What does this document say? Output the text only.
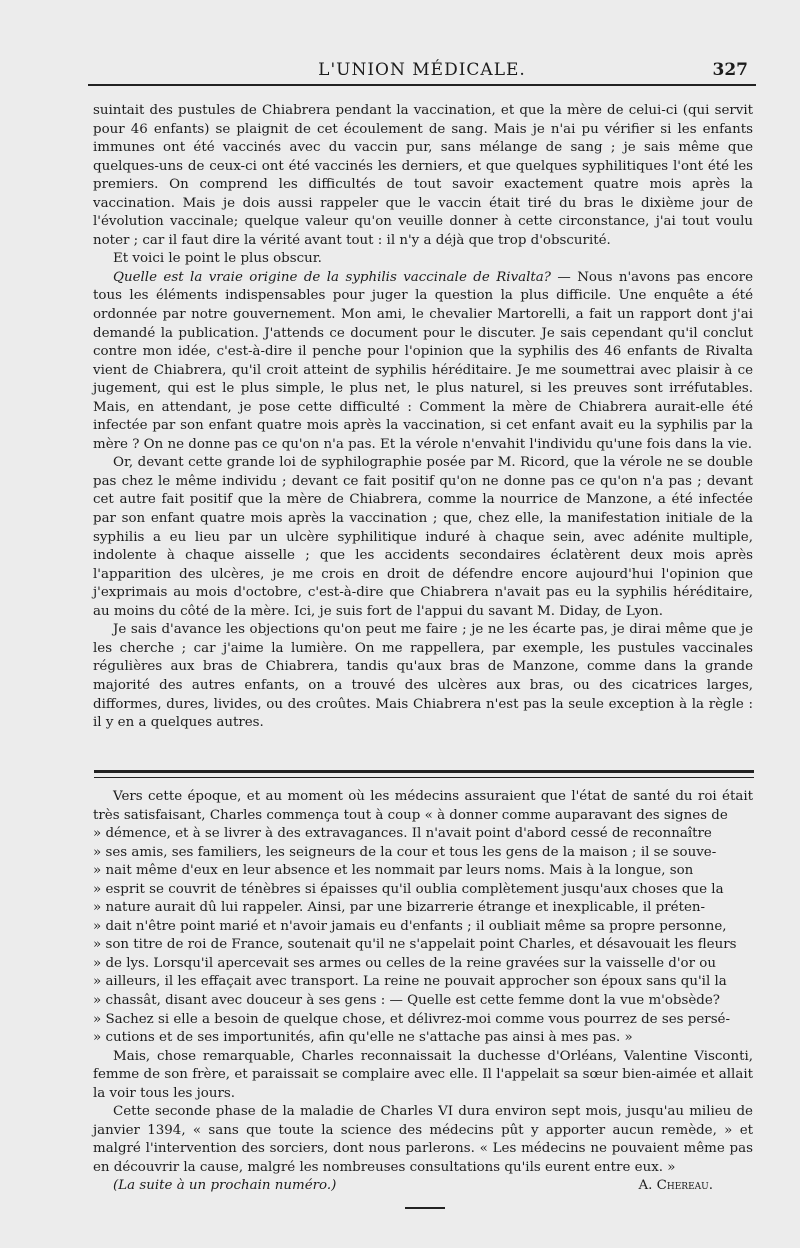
L'UNION MÉDICALE.	327

suintait des pustules de Chiabrera pendant la vaccination, et que la mère de celui-ci (qui servit pour 46 enfants) se plaignit de cet écoulement de sang. Mais je n'ai pu vérifier si les enfants immunes ont été vaccinés avec du vaccin pur, sans mélange de sang ; je sais même que quelques-uns de ceux-ci ont été vaccinés les derniers, et que quelques syphilitiques l'ont été les premiers. On comprend les difficultés de tout savoir exactement quatre mois après la vaccination. Mais je dois aussi rappeler que le vaccin était tiré du bras le dixième jour de l'évolution vaccinale; quelque valeur qu'on veuille donner à cette circonstance, j'ai tout voulu noter ; car il faut dire la vérité avant tout : il n'y a déjà que trop d'obscurité.

Et voici le point le plus obscur.

Quelle est la vraie origine de la syphilis vaccinale de Rivalta? — Nous n'avons pas encore tous les éléments indispensables pour juger la question la plus difficile. Une enquête a été ordonnée par notre gouvernement. Mon ami, le chevalier Martorelli, a fait un rapport dont j'ai demandé la publication. J'attends ce document pour le discuter. Je sais cependant qu'il conclut contre mon idée, c'est-à-dire il penche pour l'opinion que la syphilis des 46 enfants de Rivalta vient de Chiabrera, qu'il croit atteint de syphilis héréditaire. Je me soumettrai avec plaisir à ce jugement, qui est le plus simple, le plus net, le plus naturel, si les preuves sont irréfutables. Mais, en attendant, je pose cette difficulté : Comment la mère de Chiabrera aurait-elle été infectée par son enfant quatre mois après la vaccination, si cet enfant avait eu la syphilis par la mère ? On ne donne pas ce qu'on n'a pas. Et la vérole n'envahit l'individu qu'une fois dans la vie.

Or, devant cette grande loi de syphilographie posée par M. Ricord, que la vérole ne se double pas chez le même individu ; devant ce fait positif qu'on ne donne pas ce qu'on n'a pas ; devant cet autre fait positif que la mère de Chiabrera, comme la nourrice de Manzone, a été infectée par son enfant quatre mois après la vaccination ; que, chez elle, la manifestation initiale de la syphilis a eu lieu par un ulcère syphilitique induré à chaque sein, avec adénite multiple, indolente à chaque aisselle ; que les accidents secondaires éclatèrent deux mois après l'apparition des ulcères, je me crois en droit de défendre encore aujourd'hui l'opinion que j'exprimais au mois d'octobre, c'est-à-dire que Chiabrera n'avait pas eu la syphilis héréditaire, au moins du côté de la mère. Ici, je suis fort de l'appui du savant M. Diday, de Lyon.

Je sais d'avance les objections qu'on peut me faire ; je ne les écarte pas, je dirai même que je les cherche ; car j'aime la lumière. On me rappellera, par exemple, les pustules vaccinales régulières aux bras de Chiabrera, tandis qu'aux bras de Manzone, comme dans la grande majorité des autres enfants, on a trouvé des ulcères aux bras, ou des cicatrices larges, difformes, dures, livides, ou des croûtes. Mais Chiabrera n'est pas la seule exception à la règle : il y en a quelques autres.

Vers cette époque, et au moment où les médecins assuraient que l'état de santé du roi était très satisfaisant, Charles commença tout à coup « à donner comme auparavant des signes de

» démence, et à se livrer à des extravagances. Il n'avait point d'abord cessé de reconnaître

» ses amis, ses familiers, les seigneurs de la cour et tous les gens de la maison ; il se souve-

» nait même d'eux en leur absence et les nommait par leurs noms. Mais à la longue, son

» esprit se couvrit de ténèbres si épaisses qu'il oublia complètement jusqu'aux choses que la

» nature aurait dû lui rappeler. Ainsi, par une bizarrerie étrange et inexplicable, il préten-

» dait n'être point marié et n'avoir jamais eu d'enfants ; il oubliait même sa propre personne,

» son titre de roi de France, soutenait qu'il ne s'appelait point Charles, et désavouait les fleurs

» de lys. Lorsqu'il apercevait ses armes ou celles de la reine gravées sur la vaisselle d'or ou

» ailleurs, il les effaçait avec transport. La reine ne pouvait approcher son époux sans qu'il la

» chassât, disant avec douceur à ses gens : — Quelle est cette femme dont la vue m'obsède?

» Sachez si elle a besoin de quelque chose, et délivrez-moi comme vous pourrez de ses persé-

» cutions et de ses importunités, afin qu'elle ne s'attache pas ainsi à mes pas. »

Mais, chose remarquable, Charles reconnaissait la duchesse d'Orléans, Valentine Visconti, femme de son frère, et paraissait se complaire avec elle. Il l'appelait sa sœur bien-aimée et allait la voir tous les jours.

Cette seconde phase de la maladie de Charles VI dura environ sept mois, jusqu'au milieu de janvier 1394, « sans que toute la science des médecins pût y apporter aucun remède, » et malgré l'intervention des sorciers, dont nous parlerons. « Les médecins ne pouvaient même pas en découvrir la cause, malgré les nombreuses consultations qu'ils eurent entre eux. »

(La suite à un prochain numéro.)	A. Chereau.
